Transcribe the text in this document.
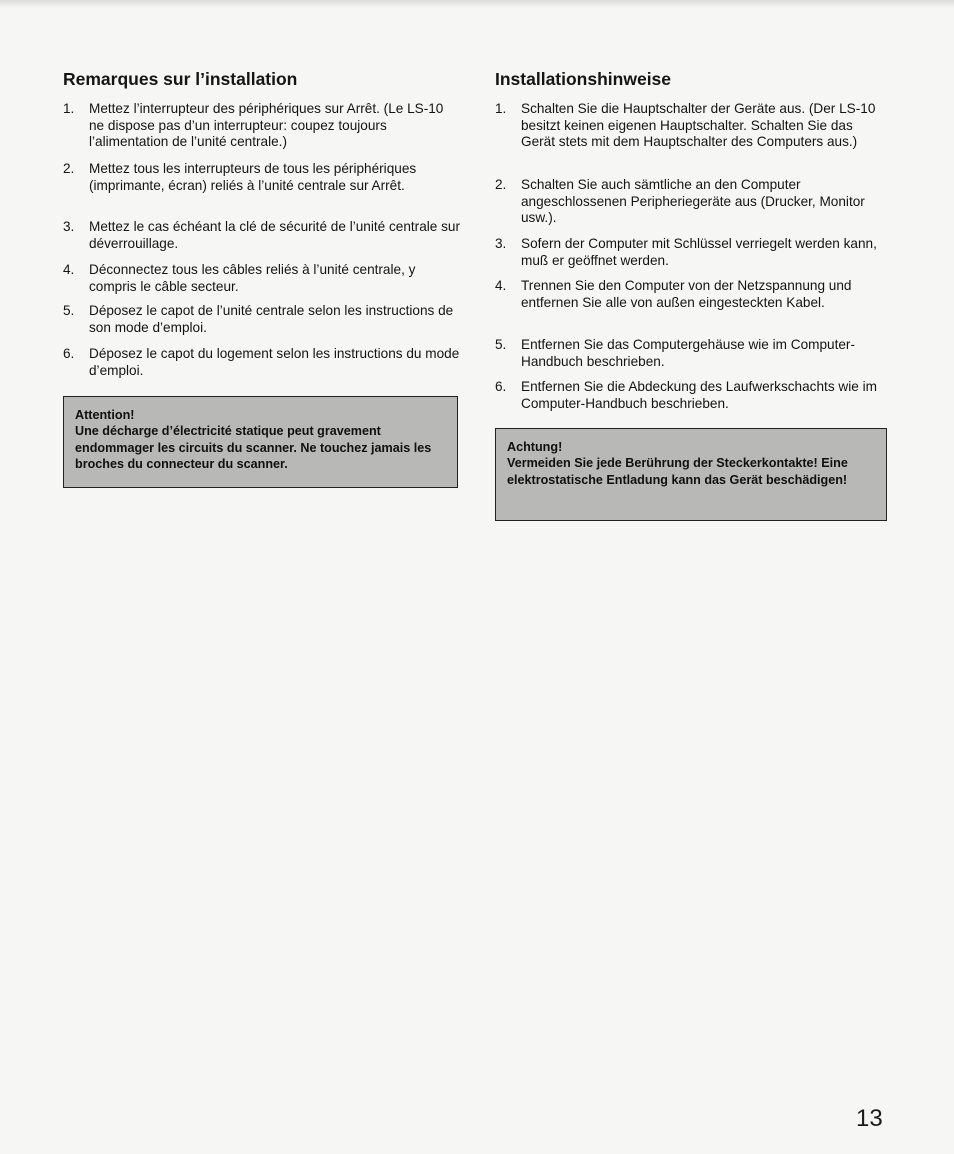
Remarques sur l’installation
1.	Mettez l’interrupteur des périphériques sur Arrêt. (Le LS-10 ne dispose pas d’un interrupteur: coupez toujours l’alimentation de l’unité centrale.)
2.	Mettez tous les interrupteurs de tous les périphériques (imprimante, écran) reliés à l’unité centrale sur Arrêt.
3.	Mettez le cas échéant la clé de sécurité de l’unité centrale sur déverrouillage.
4.	Déconnectez tous les câbles reliés à l’unité centrale, y compris le câble secteur.
5.	Déposez le capot de l’unité centrale selon les instructions de son mode d’emploi.
6.	Déposez le capot du logement selon les instructions du mode d’emploi.
Attention!
Une décharge d’électricité statique peut gravement endommager les circuits du scanner. Ne touchez jamais les broches du connecteur du scanner.
Installationshinweise
1.	Schalten Sie die Hauptschalter der Geräte aus. (Der LS-10 besitzt keinen eigenen Hauptschalter. Schalten Sie das Gerät stets mit dem Hauptschalter des Computers aus.)
2.	Schalten Sie auch sämtliche an den Computer angeschlossenen Peripheriegeräte aus (Drucker, Monitor usw.).
3.	Sofern der Computer mit Schlüssel verriegelt werden kann, muß er geöffnet werden.
4.	Trennen Sie den Computer von der Netzspannung und entfernen Sie alle von außen eingesteckten Kabel.
5.	Entfernen Sie das Computergehäuse wie im Computer-Handbuch beschrieben.
6.	Entfernen Sie die Abdeckung des Laufwerkschachts wie im Computer-Handbuch beschrieben.
Achtung!
Vermeiden Sie jede Berührung der Steckerkontakte! Eine elektrostatische Entladung kann das Gerät beschädigen!
13
